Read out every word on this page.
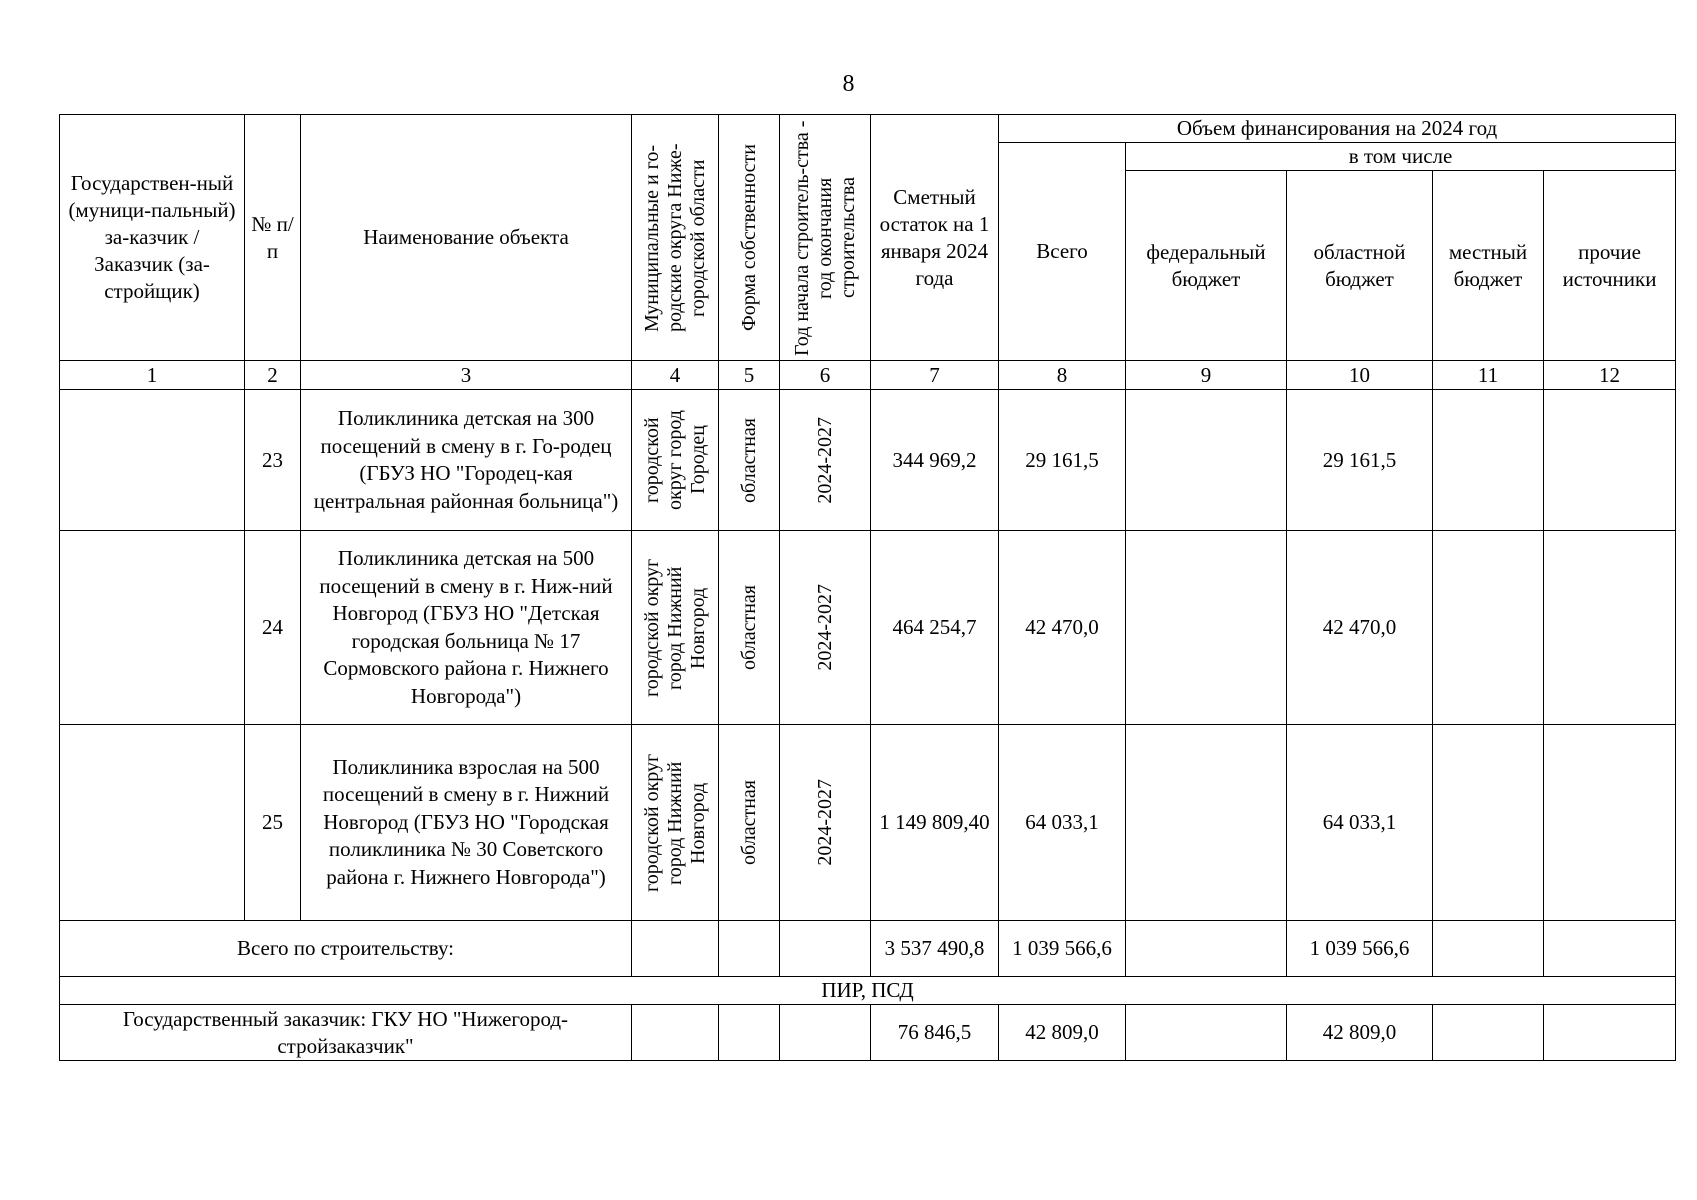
8
Государствен-ный (муници-пальный) за-казчик / Заказчик (за-стройщик)	№ п/п	Наименование объекта	Муниципальные и го-родские округа Ниже-городской области	Форма собственности	Год начала строитель-ства - год окончания строительства	Сметный остаток на 1 января 2024 года	Объем финансирования на 2024 год				
							Всего	в том числе			
								федеральный бюджет	областной бюджет	местный бюджет	прочие источники
1	2	3	4	5	6	7	8	9	10	11	12
	23	Поликлиника детская на 300 посещений в смену в г. Го-родец (ГБУЗ НО "Городец-кая центральная районная больница")	городской округ город Городец	областная	2024-2027	344 969,2	29 161,5		29 161,5		
	24	Поликлиника детская на 500 посещений в смену в г. Ниж-ний Новгород (ГБУЗ НО "Детская городская больница № 17 Сормовского района г. Нижнего Новгорода")	городской округ город Нижний Новгород	областная	2024-2027	464 254,7	42 470,0		42 470,0		
	25	Поликлиника взрослая на 500 посещений в смену в г. Нижний Новгород (ГБУЗ НО "Городская поликлиника № 30 Советского района г. Нижнего Новгорода")	городской округ город Нижний Новгород	областная	2024-2027	1 149 809,40	64 033,1		64 033,1		
Всего по строительству:						3 537 490,8	1 039 566,6		1 039 566,6		
ПИР, ПСД											
Государственный заказчик: ГКУ НО "Нижегород-стройзаказчик"						76 846,5	42 809,0		42 809,0		
